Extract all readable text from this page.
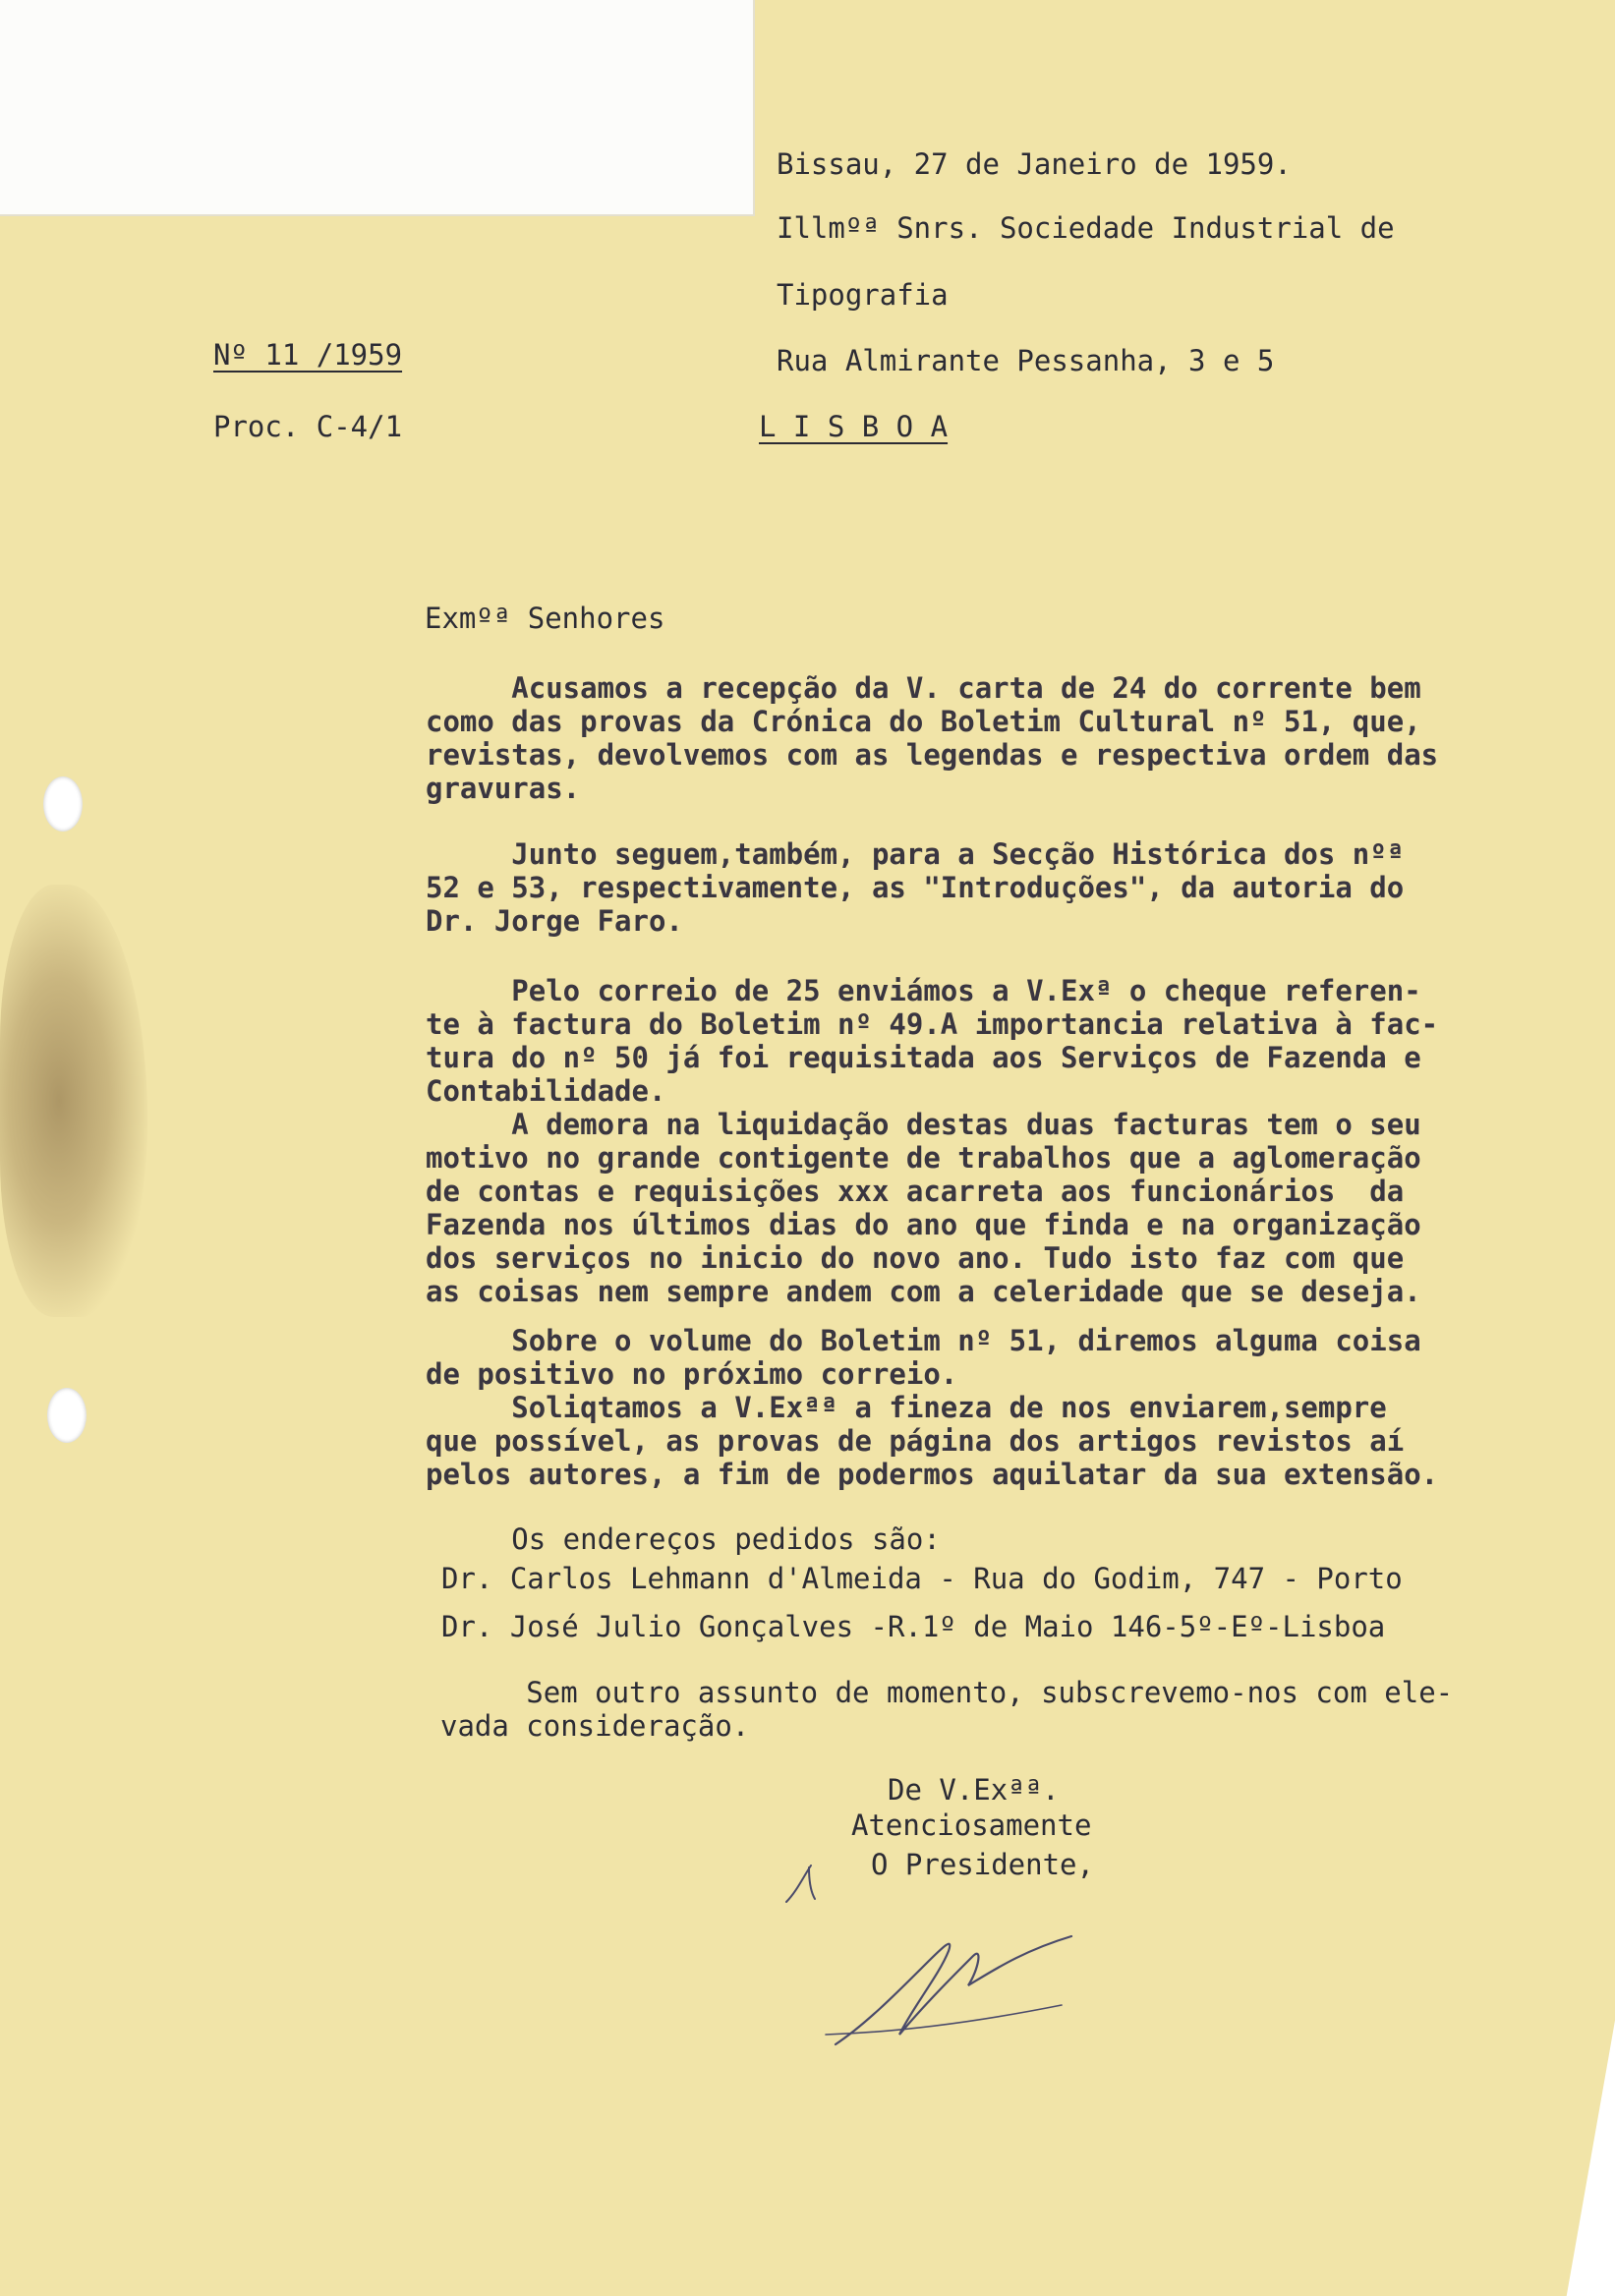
Bissau, 27 de Janeiro de 1959.

Illmºª Snrs. Sociedade Industrial de

Tipografia

Rua Almirante Pessanha, 3 e 5

L I S B O A

Nº 11 /1959

Proc. C-4/1

Exmºª Senhores

Acusamos a recepção da V. carta de 24 do corrente bem

como das provas da Crónica do Boletim Cultural nº 51, que,

revistas, devolvemos com as legendas e respectiva ordem das

gravuras.

Junto seguem,também, para a Secção Histórica dos nºª

52 e 53, respectivamente, as "Introduções", da autoria do

Dr. Jorge Faro.

Pelo correio de 25 enviámos a V.Exª o cheque referen-

te à factura do Boletim nº 49.A importancia relativa à fac-

tura do nº 50 já foi requisitada aos Serviços de Fazenda e

Contabilidade.

A demora na liquidação destas duas facturas tem o seu

motivo no grande contigente de trabalhos que a aglomeração

de contas e requisições xxx acarreta aos funcionários  da

Fazenda nos últimos dias do ano que finda e na organização

dos serviços no inicio do novo ano. Tudo isto faz com que

as coisas nem sempre andem com a celeridade que se deseja.

Sobre o volume do Boletim nº 51, diremos alguma coisa

de positivo no próximo correio.

Soliqtamos a V.Exªª a fineza de nos enviarem,sempre

que possível, as provas de página dos artigos revistos aí

pelos autores, a fim de podermos aquilatar da sua extensão.

Os endereços pedidos são:

Dr. Carlos Lehmann d'Almeida - Rua do Godim, 747 - Porto

Dr. José Julio Gonçalves -R.1º de Maio 146-5º-Eº-Lisboa

Sem outro assunto de momento, subscrevemo-nos com ele-

vada consideração.

De V.Exªª.

Atenciosamente

O Presidente,
